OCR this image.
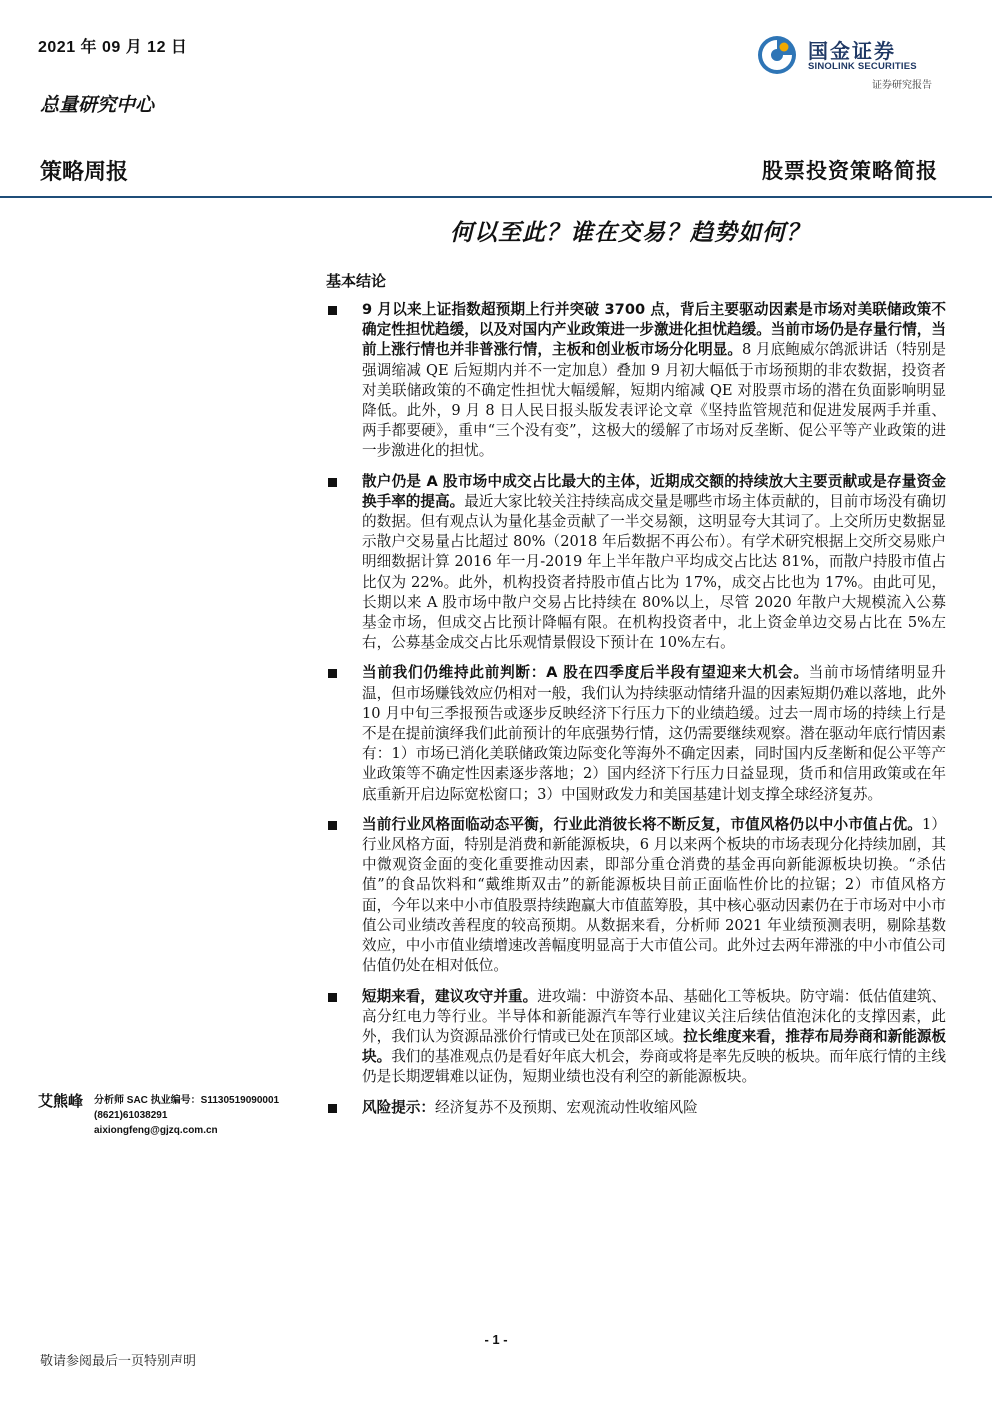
2021 年 09 月 12 日
总量研究中心
国金证券
SINOLINK SECURITIES
证券研究报告
策略周报	股票投资策略简报
何以至此？谁在交易？趋势如何？
基本结论
9 月以来上证指数超预期上行并突破 3700 点，背后主要驱动因素是市场对美联储政策不确定性担忧趋缓，以及对国内产业政策进一步激进化担忧趋缓。当前市场仍是存量行情，当前上涨行情也并非普涨行情，主板和创业板市场分化明显。8 月底鲍威尔鸽派讲话（特别是强调缩减 QE 后短期内并不一定加息）叠加 9 月初大幅低于市场预期的非农数据，投资者对美联储政策的不确定性担忧大幅缓解，短期内缩减 QE 对股票市场的潜在负面影响明显降低。此外，9 月 8 日人民日报头版发表评论文章《坚持监管规范和促进发展两手并重、两手都要硬》，重申“三个没有变”，这极大的缓解了市场对反垄断、促公平等产业政策的进一步激进化的担忧。
散户仍是 A 股市场中成交占比最大的主体，近期成交额的持续放大主要贡献或是存量资金换手率的提高。最近大家比较关注持续高成交量是哪些市场主体贡献的，目前市场没有确切的数据。但有观点认为量化基金贡献了一半交易额，这明显夸大其词了。上交所历史数据显示散户交易量占比超过 80%（2018 年后数据不再公布）。有学术研究根据上交所交易账户明细数据计算 2016 年一月-2019 年上半年散户平均成交占比达 81%，而散户持股市值占比仅为 22%。此外，机构投资者持股市值占比为 17%，成交占比也为 17%。由此可见，长期以来 A 股市场中散户交易占比持续在 80%以上，尽管 2020 年散户大规模流入公募基金市场，但成交占比预计降幅有限。在机构投资者中，北上资金单边交易占比在 5%左右，公募基金成交占比乐观情景假设下预计在 10%左右。
当前我们仍维持此前判断：A 股在四季度后半段有望迎来大机会。当前市场情绪明显升温，但市场赚钱效应仍相对一般，我们认为持续驱动情绪升温的因素短期仍难以落地，此外 10 月中旬三季报预告或逐步反映经济下行压力下的业绩趋缓。过去一周市场的持续上行是不是在提前演绎我们此前预计的年底强势行情，这仍需要继续观察。潜在驱动年底行情因素有：1）市场已消化美联储政策边际变化等海外不确定因素，同时国内反垄断和促公平等产业政策等不确定性因素逐步落地；2）国内经济下行压力日益显现，货币和信用政策或在年底重新开启边际宽松窗口；3）中国财政发力和美国基建计划支撑全球经济复苏。
当前行业风格面临动态平衡，行业此消彼长将不断反复，市值风格仍以中小市值占优。1）行业风格方面，特别是消费和新能源板块，6 月以来两个板块的市场表现分化持续加剧，其中微观资金面的变化重要推动因素，即部分重仓消费的基金再向新能源板块切换。“杀估值”的食品饮料和“戴维斯双击”的新能源板块目前正面临性价比的拉锯；2）市值风格方面，今年以来中小市值股票持续跑赢大市值蓝筹股，其中核心驱动因素仍在于市场对中小市值公司业绩改善程度的较高预期。从数据来看，分析师 2021 年业绩预测表明，剔除基数效应，中小市值业绩增速改善幅度明显高于大市值公司。此外过去两年滞涨的中小市值公司估值仍处在相对低位。
短期来看，建议攻守并重。进攻端：中游资本品、基础化工等板块。防守端：低估值建筑、高分红电力等行业。半导体和新能源汽车等行业建议关注后续估值泡沫化的支撑因素，此外，我们认为资源品涨价行情或已处在顶部区域。拉长维度来看，推荐布局券商和新能源板块。我们的基准观点仍是看好年底大机会，券商或将是率先反映的板块。而年底行情的主线仍是长期逻辑难以证伪，短期业绩也没有利空的新能源板块。
风险提示：经济复苏不及预期、宏观流动性收缩风险
艾熊峰 分析师 SAC 执业编号：S1130519090001
(8621)61038291
aixiongfeng@gjzq.com.cn
- 1 -
敬请参阅最后一页特别声明
